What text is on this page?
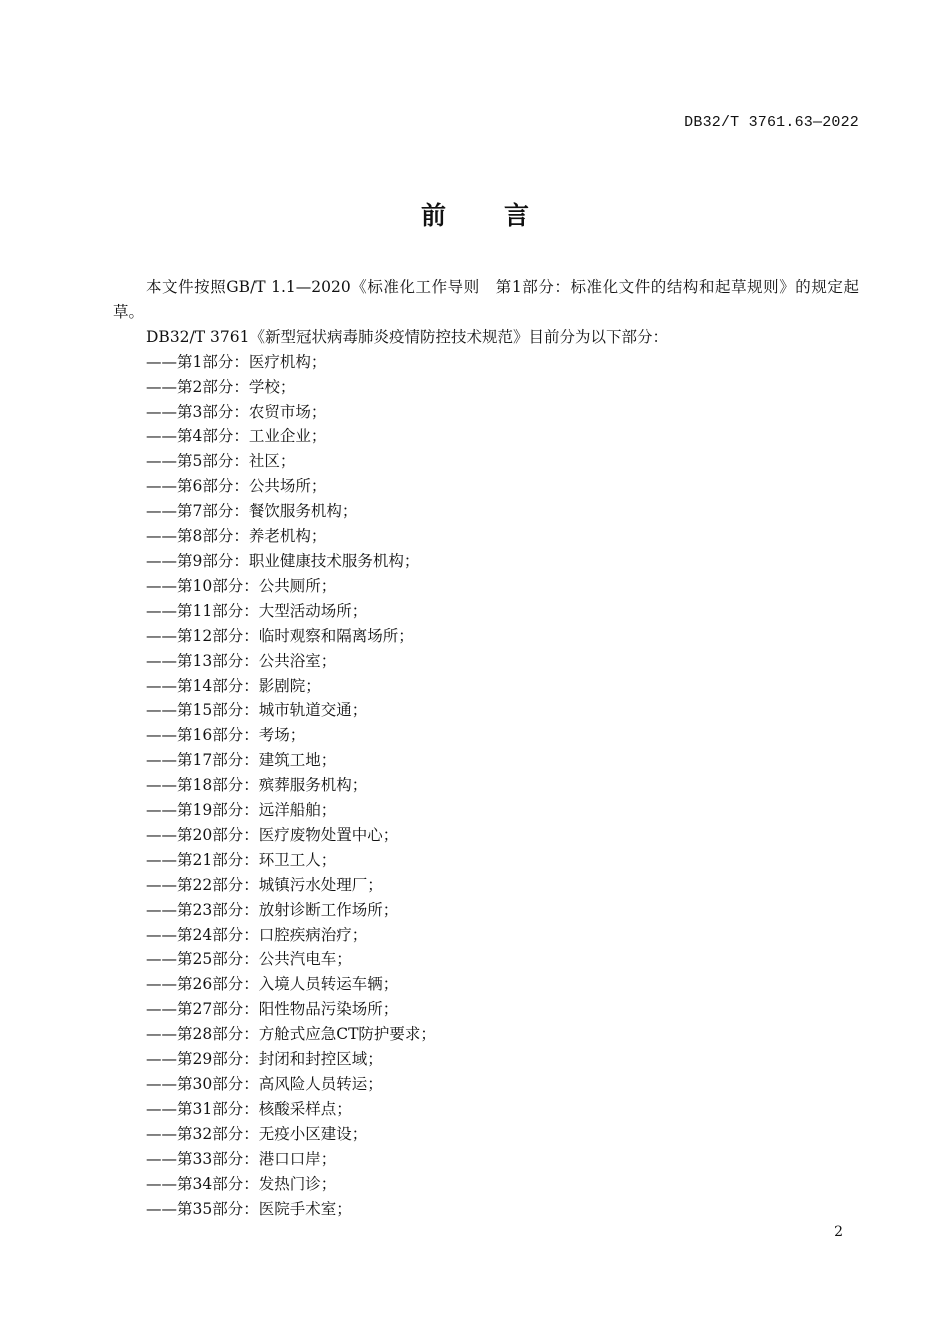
DB32/T 3761.63—2022
前言

本文件按照GB/T 1.1—2020《标准化工作导则　第1部分：标准化文件的结构和起草规则》的规定起草。

DB32/T 3761《新型冠状病毒肺炎疫情防控技术规范》目前分为以下部分：

——第1部分：医疗机构；
——第2部分：学校；
——第3部分：农贸市场；
——第4部分：工业企业；
——第5部分：社区；
——第6部分：公共场所；
——第7部分：餐饮服务机构；
——第8部分：养老机构；
——第9部分：职业健康技术服务机构；
——第10部分：公共厕所；
——第11部分：大型活动场所；
——第12部分：临时观察和隔离场所；
——第13部分：公共浴室；
——第14部分：影剧院；
——第15部分：城市轨道交通；
——第16部分：考场；
——第17部分：建筑工地；
——第18部分：殡葬服务机构；
——第19部分：远洋船舶；
——第20部分：医疗废物处置中心；
——第21部分：环卫工人；
——第22部分：城镇污水处理厂；
——第23部分：放射诊断工作场所；
——第24部分：口腔疾病治疗；
——第25部分：公共汽电车；
——第26部分：入境人员转运车辆；
——第27部分：阳性物品污染场所；
——第28部分：方舱式应急CT防护要求；
——第29部分：封闭和封控区域；
——第30部分：高风险人员转运；
——第31部分：核酸采样点；
——第32部分：无疫小区建设；
——第33部分：港口口岸；
——第34部分：发热门诊；
——第35部分：医院手术室；
2
